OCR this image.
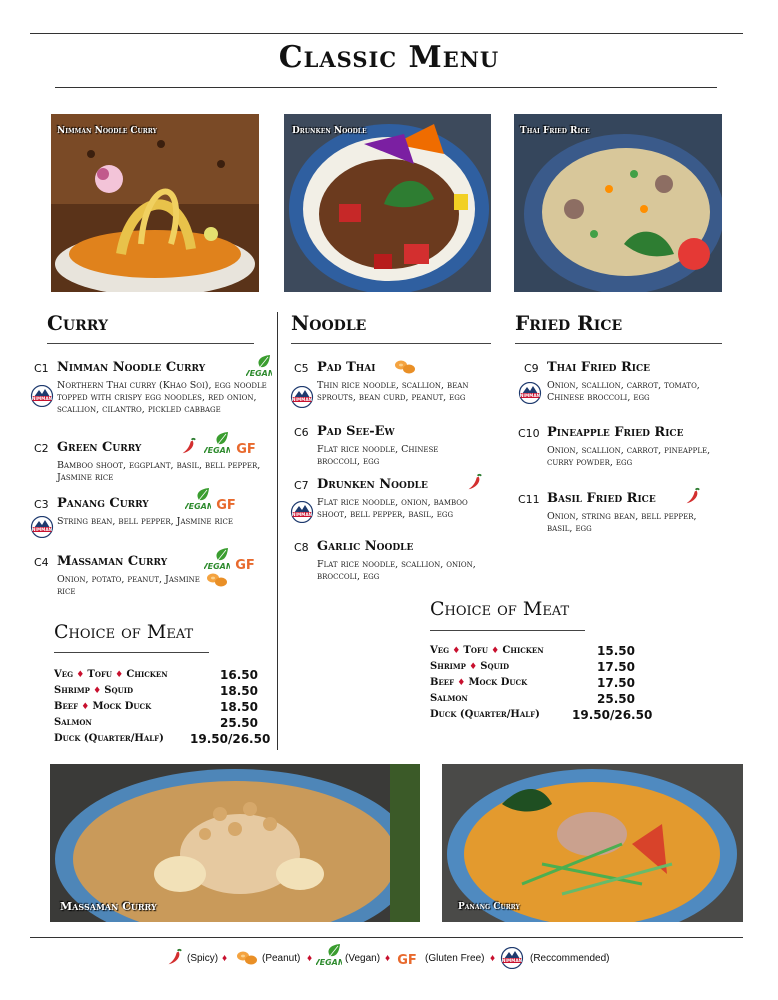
Classic Menu
Nimman Noodle Curry	Drunken Noodle	Thai Fried Rice
Curry	Noodle	Fried Rice
C1 Nimman Noodle Curry
Northern Thai curry (Khao Soi), egg noodle topped with crispy egg noodles, red onion, scallion, cilantro, pickled cabbage
C2 Green Curry
Bamboo shoot, eggplant, basil, bell pepper, Jasmine rice
C3 Panang Curry
String bean, bell pepper, Jasmine rice
C4 Massaman Curry
Onion, potato, peanut, Jasmine rice
Choice of Meat
Veg ♦ Tofu ♦ Chicken	16.50
Shrimp ♦ Squid	18.50
Beef ♦ Mock Duck	18.50
Salmon	25.50
Duck (Quarter/Half) 19.50/26.50
C5 Pad Thai
Thin rice noodle, scallion, bean sprouts, bean curd, peanut, egg
C6 Pad See-Ew
Flat rice noodle, Chinese broccoli, egg
C7 Drunken Noodle
Flat rice noodle, onion, bamboo shoot, bell pepper, basil, egg
C8 Garlic Noodle
Flat rice noodle, scallion, onion, broccoli, egg
C9 Thai Fried Rice
Onion, scallion, carrot, tomato, Chinese broccoli, egg
C10 Pineapple Fried Rice
Onion, scallion, carrot, pineapple, curry powder, egg
C11 Basil Fried Rice
Onion, string bean, bell pepper, basil, egg
Choice of Meat
Veg ♦ Tofu ♦ Chicken	15.50
Shrimp ♦ Squid	17.50
Beef ♦ Mock Duck	17.50
Salmon	25.50
Duck (Quarter/Half)	19.50/26.50
Massaman Curry	Panang Curry
(Spicy) ♦	(Peanut) ♦	(Vegan) ♦	(Gluten Free) ♦	(Reccommended)
